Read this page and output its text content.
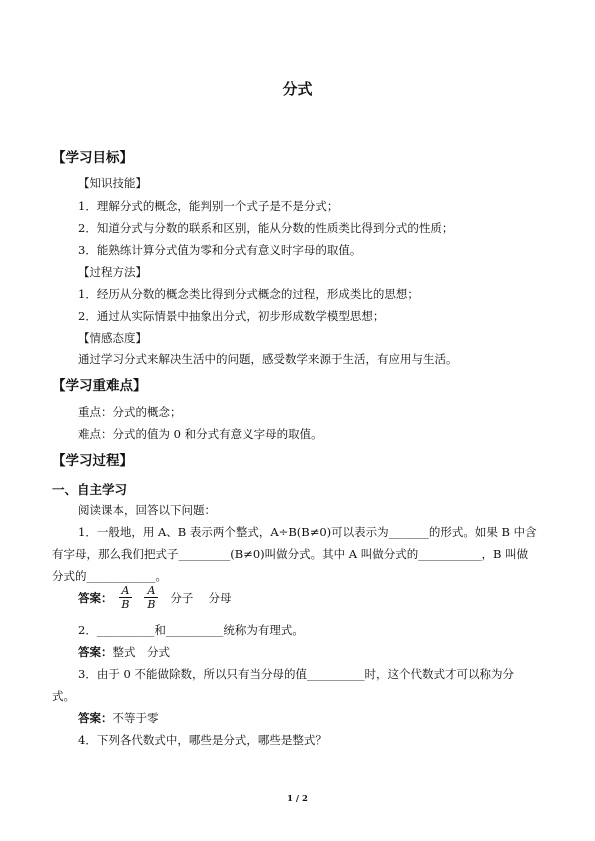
分式
【学习目标】
【知识技能】
1．理解分式的概念，能判别一个式子是不是分式；
2．知道分式与分数的联系和区别，能从分数的性质类比得到分式的性质；
3．能熟练计算分式值为零和分式有意义时字母的取值。
【过程方法】
1．经历从分数的概念类比得到分式概念的过程，形成类比的思想；
2．通过从实际情景中抽象出分式，初步形成数学模型思想；
【情感态度】
通过学习分式来解决生活中的问题，感受数学来源于生活，有应用与生活。
【学习重难点】
重点：分式的概念；
难点：分式的值为 0 和分式有意义字母的取值。
【学习过程】
一、自主学习
阅读课本，回答以下问题：
1．一般地，用 A、B 表示两个整式，A÷B(B≠0)可以表示为_______的形式。如果 B 中含
有字母，那么我们把式子_________(B≠0)叫做分式。其中 A 叫做分式的___________，B 叫做
分式的____________。
答案： $\frac{A}{B} \frac{A}{B}$ 分子　 分母
2．__________和__________统称为有理式。
答案：整式　分式
3．由于 0 不能做除数，所以只有当分母的值__________时，这个代数式才可以称为分
式。
答案：不等于零
4．下列各代数式中，哪些是分式，哪些是整式？
1 / 2
